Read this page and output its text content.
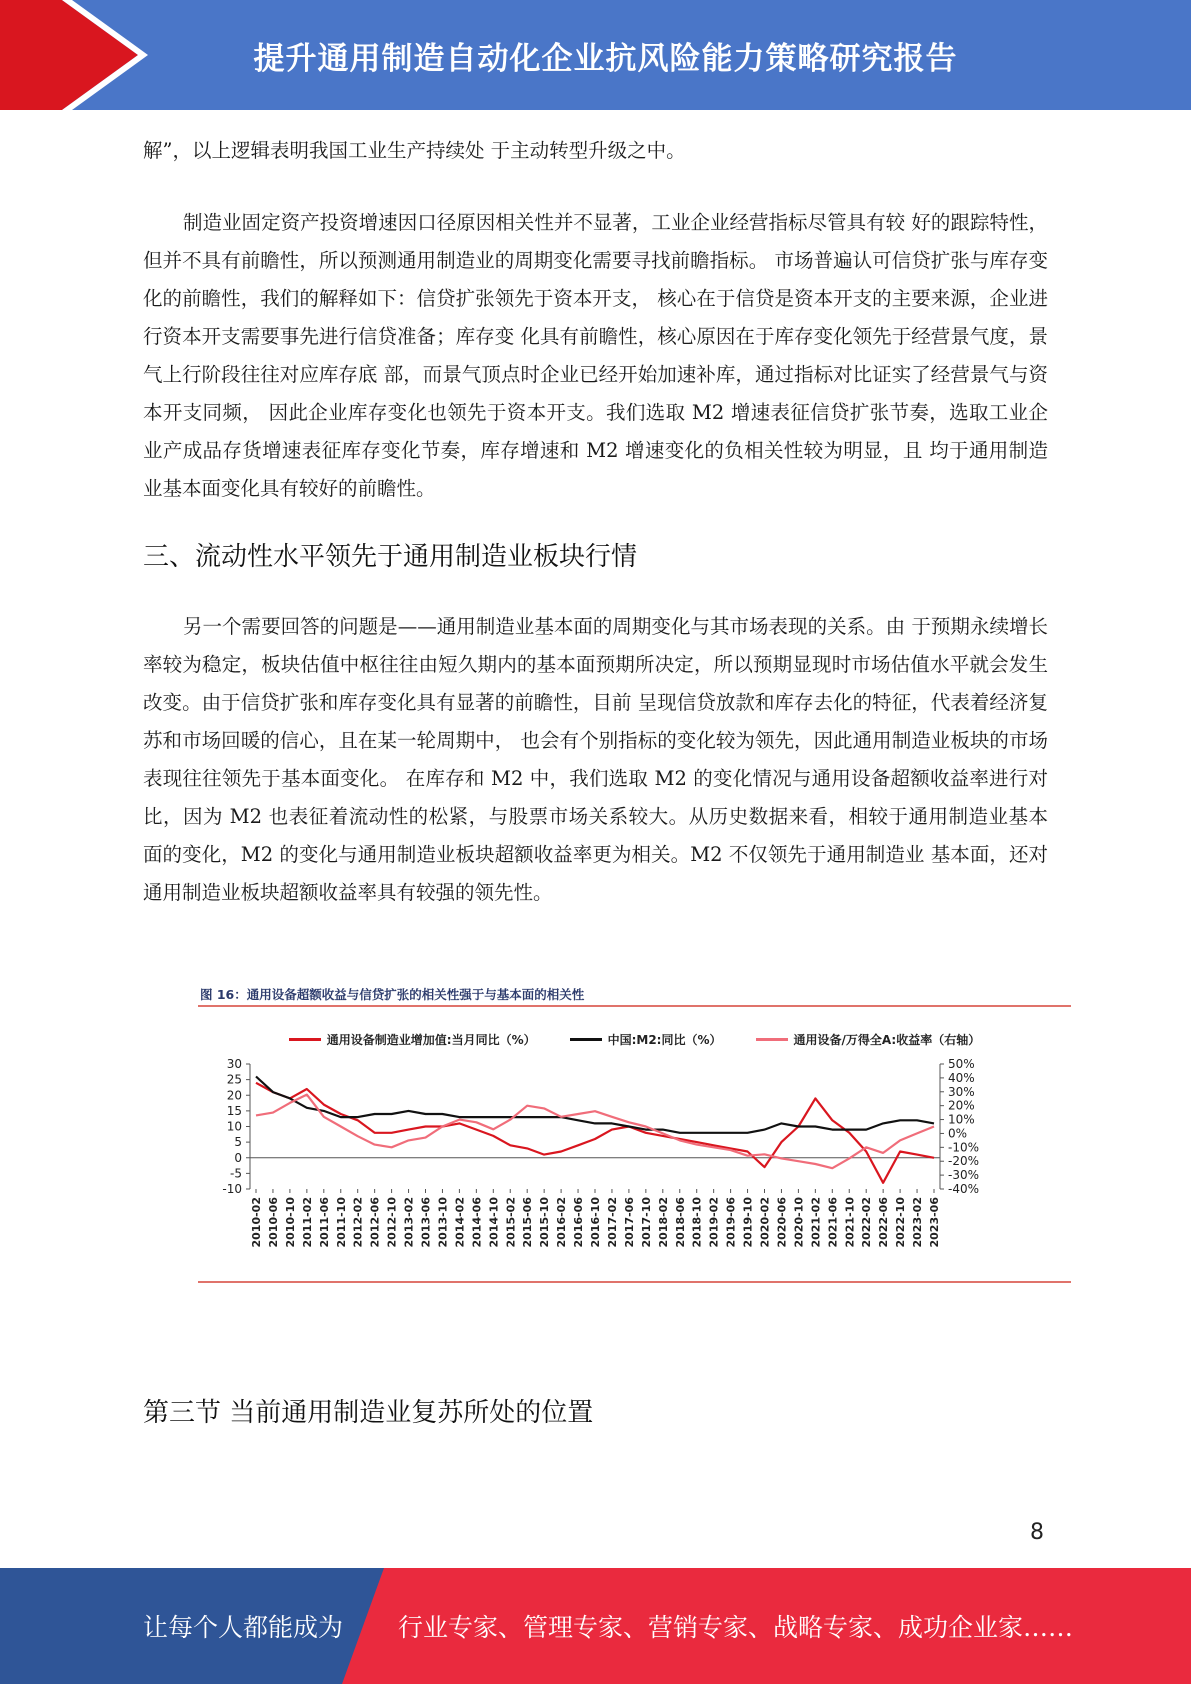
提升通用制造自动化企业抗风险能力策略研究报告

解”，以上逻辑表明我国工业生产持续处 于主动转型升级之中。

制造业固定资产投资增速因口径原因相关性并不显著，工业企业经营指标尽管具有较 好的跟踪特性，但并不具有前瞻性，所以预测通用制造业的周期变化需要寻找前瞻指标。 市场普遍认可信贷扩张与库存变化的前瞻性，我们的解释如下：信贷扩张领先于资本开支， 核心在于信贷是资本开支的主要来源，企业进行资本开支需要事先进行信贷准备；库存变 化具有前瞻性，核心原因在于库存变化领先于经营景气度，景气上行阶段往往对应库存底 部，而景气顶点时企业已经开始加速补库，通过指标对比证实了经营景气与资本开支同频， 因此企业库存变化也领先于资本开支。我们选取 M2 增速表征信贷扩张节奏，选取工业企 业产成品存货增速表征库存变化节奏，库存增速和 M2 增速变化的负相关性较为明显，且 均于通用制造业基本面变化具有较好的前瞻性。

三、流动性水平领先于通用制造业板块行情

另一个需要回答的问题是——通用制造业基本面的周期变化与其市场表现的关系。由 于预期永续增长率较为稳定，板块估值中枢往往由短久期内的基本面预期所决定，所以预期显现时市场估值水平就会发生改变。由于信贷扩张和库存变化具有显著的前瞻性，目前 呈现信贷放款和库存去化的特征，代表着经济复苏和市场回暖的信心，且在某一轮周期中， 也会有个别指标的变化较为领先，因此通用制造业板块的市场表现往往领先于基本面变化。 在库存和 M2 中，我们选取 M2 的变化情况与通用设备超额收益率进行对比，因为 M2 也表征着流动性的松紧，与股票市场关系较大。从历史数据来看，相较于通用制造业基本 面的变化，M2 的变化与通用制造业板块超额收益率更为相关。M2 不仅领先于通用制造业 基本面，还对通用制造业板块超额收益率具有较强的领先性。

图 16：通用设备超额收益与信贷扩张的相关性强于与基本面的相关性
通用设备制造业增加值:当月同比（%）	中国:M2:同比（%）	通用设备/万得全A:收益率（右轴）
30
25
20
15
10
5
0
-5
-10
50%
40%
30%
20%
10%
0%
-10%
-20%
-30%
-40%
2010-02 2010-06 2010-10 2011-02 2011-06 2011-10 2012-02 2012-06 2012-10 2013-02 2013-06 2013-10 2014-02 2014-06 2014-10 2015-02 2015-06 2015-10 2016-02 2016-06 2016-10 2017-02 2017-06 2017-10 2018-02 2018-06 2018-10 2019-02 2019-06 2019-10 2020-02 2020-06 2020-10 2021-02 2021-06 2021-10 2022-02 2022-06 2022-10 2023-02 2023-06
第三节 当前通用制造业复苏所处的位置
8
让每个人都能成为 行业专家、管理专家、营销专家、战略专家、成功企业家……
